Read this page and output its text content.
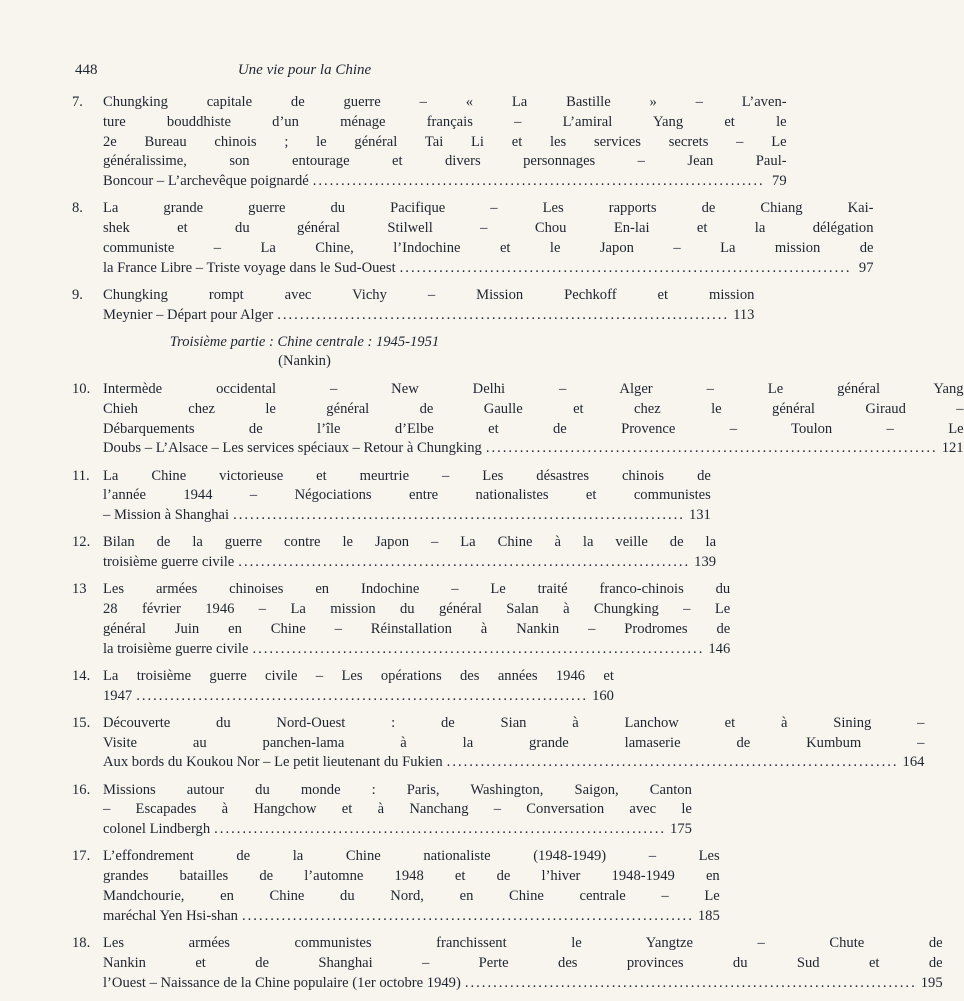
448	Une vie pour la Chine
7.	Chungking capitale de guerre – « La Bastille » – L’aven-
ture bouddhiste d’un ménage français – L’amiral Yang et le
2e Bureau chinois ; le général Tai Li et les services secrets – Le
généralissime, son entourage et divers personnages – Jean Paul-
Boncour – L’archevêque poignardé ................................................................................ 79
8.	La grande guerre du Pacifique – Les rapports de Chiang Kai-
shek et du général Stilwell – Chou En-lai et la délégation
communiste – La Chine, l’Indochine et le Japon – La mission de
la France Libre – Triste voyage dans le Sud-Ouest ................................................................................ 97
9.	Chungking rompt avec Vichy – Mission Pechkoff et mission
Meynier – Départ pour Alger ................................................................................ 113
Troisième partie : Chine centrale : 1945-1951
(Nankin)
10. Intermède occidental – New Delhi – Alger – Le général Yang
Chieh chez le général de Gaulle et chez le général Giraud –
Débarquements de l’île d’Elbe et de Provence – Toulon – Le
Doubs – L’Alsace – Les services spéciaux – Retour à Chungking ................................................................................ 121
11. La Chine victorieuse et meurtrie – Les désastres chinois de
l’année 1944 – Négociations entre nationalistes et communistes
– Mission à Shanghai ................................................................................ 131
12. Bilan de la guerre contre le Japon – La Chine à la veille de la
troisième guerre civile ................................................................................ 139
13	Les armées chinoises en Indochine – Le traité franco-chinois du
28 février 1946 – La mission du général Salan à Chungking – Le
général Juin en Chine – Réinstallation à Nankin – Prodromes de
la troisième guerre civile ................................................................................ 146
14. La troisième guerre civile – Les opérations des années 1946 et
1947 ................................................................................ 160
15. Découverte du Nord-Ouest : de Sian à Lanchow et à Sining –
Visite au panchen-lama à la grande lamaserie de Kumbum –
Aux bords du Koukou Nor – Le petit lieutenant du Fukien ................................................................................ 164
16. Missions autour du monde : Paris, Washington, Saigon, Canton
– Escapades à Hangchow et à Nanchang – Conversation avec le
colonel Lindbergh ................................................................................ 175
17. L’effondrement de la Chine nationaliste (1948-1949) – Les
grandes batailles de l’automne 1948 et de l’hiver 1948-1949 en
Mandchourie, en Chine du Nord, en Chine centrale – Le
maréchal Yen Hsi-shan ................................................................................ 185
18. Les armées communistes franchissent le Yangtze – Chute de
Nankin et de Shanghai – Perte des provinces du Sud et de
l’Ouest – Naissance de la Chine populaire (1er octobre 1949) ................................................................................ 195
